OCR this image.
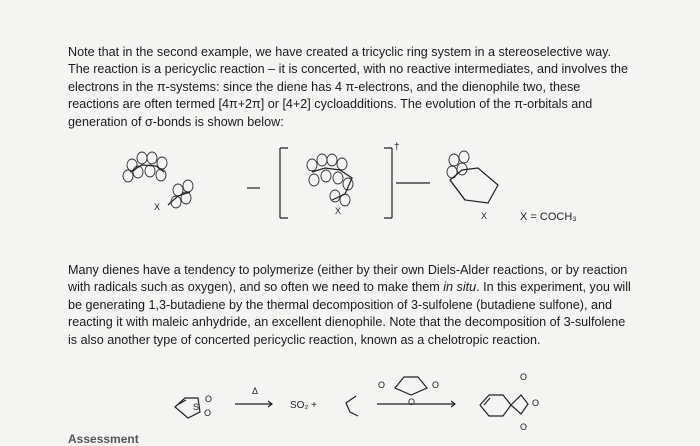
Note that in the second example, we have created a tricyclic ring system in a stereoselective way. The reaction is a pericyclic reaction – it is concerted, with no reactive intermediates, and involves the electrons in the π-systems: since the diene has 4 π-electrons, and the dienophile two, these reactions are often termed [4π+2π] or [4+2] cycloadditions. The evolution of the π-orbitals and generation of σ-bonds is shown below:

X	X
†
X	X = COCH₃
S
O
O
Δ
SO₂ +
O
O
O
O
O
O

Many dienes have a tendency to polymerize (either by their own Diels-Alder reactions, or by reaction with radicals such as oxygen), and so often we need to make them in situ. In this experiment, you will be generating 1,3-butadiene by the thermal decomposition of 3-sulfolene (butadiene sulfone), and reacting it with maleic anhydride, an excellent dienophile. Note that the decomposition of 3-sulfolene is also another type of concerted pericyclic reaction, known as a chelotropic reaction.

Assessment
